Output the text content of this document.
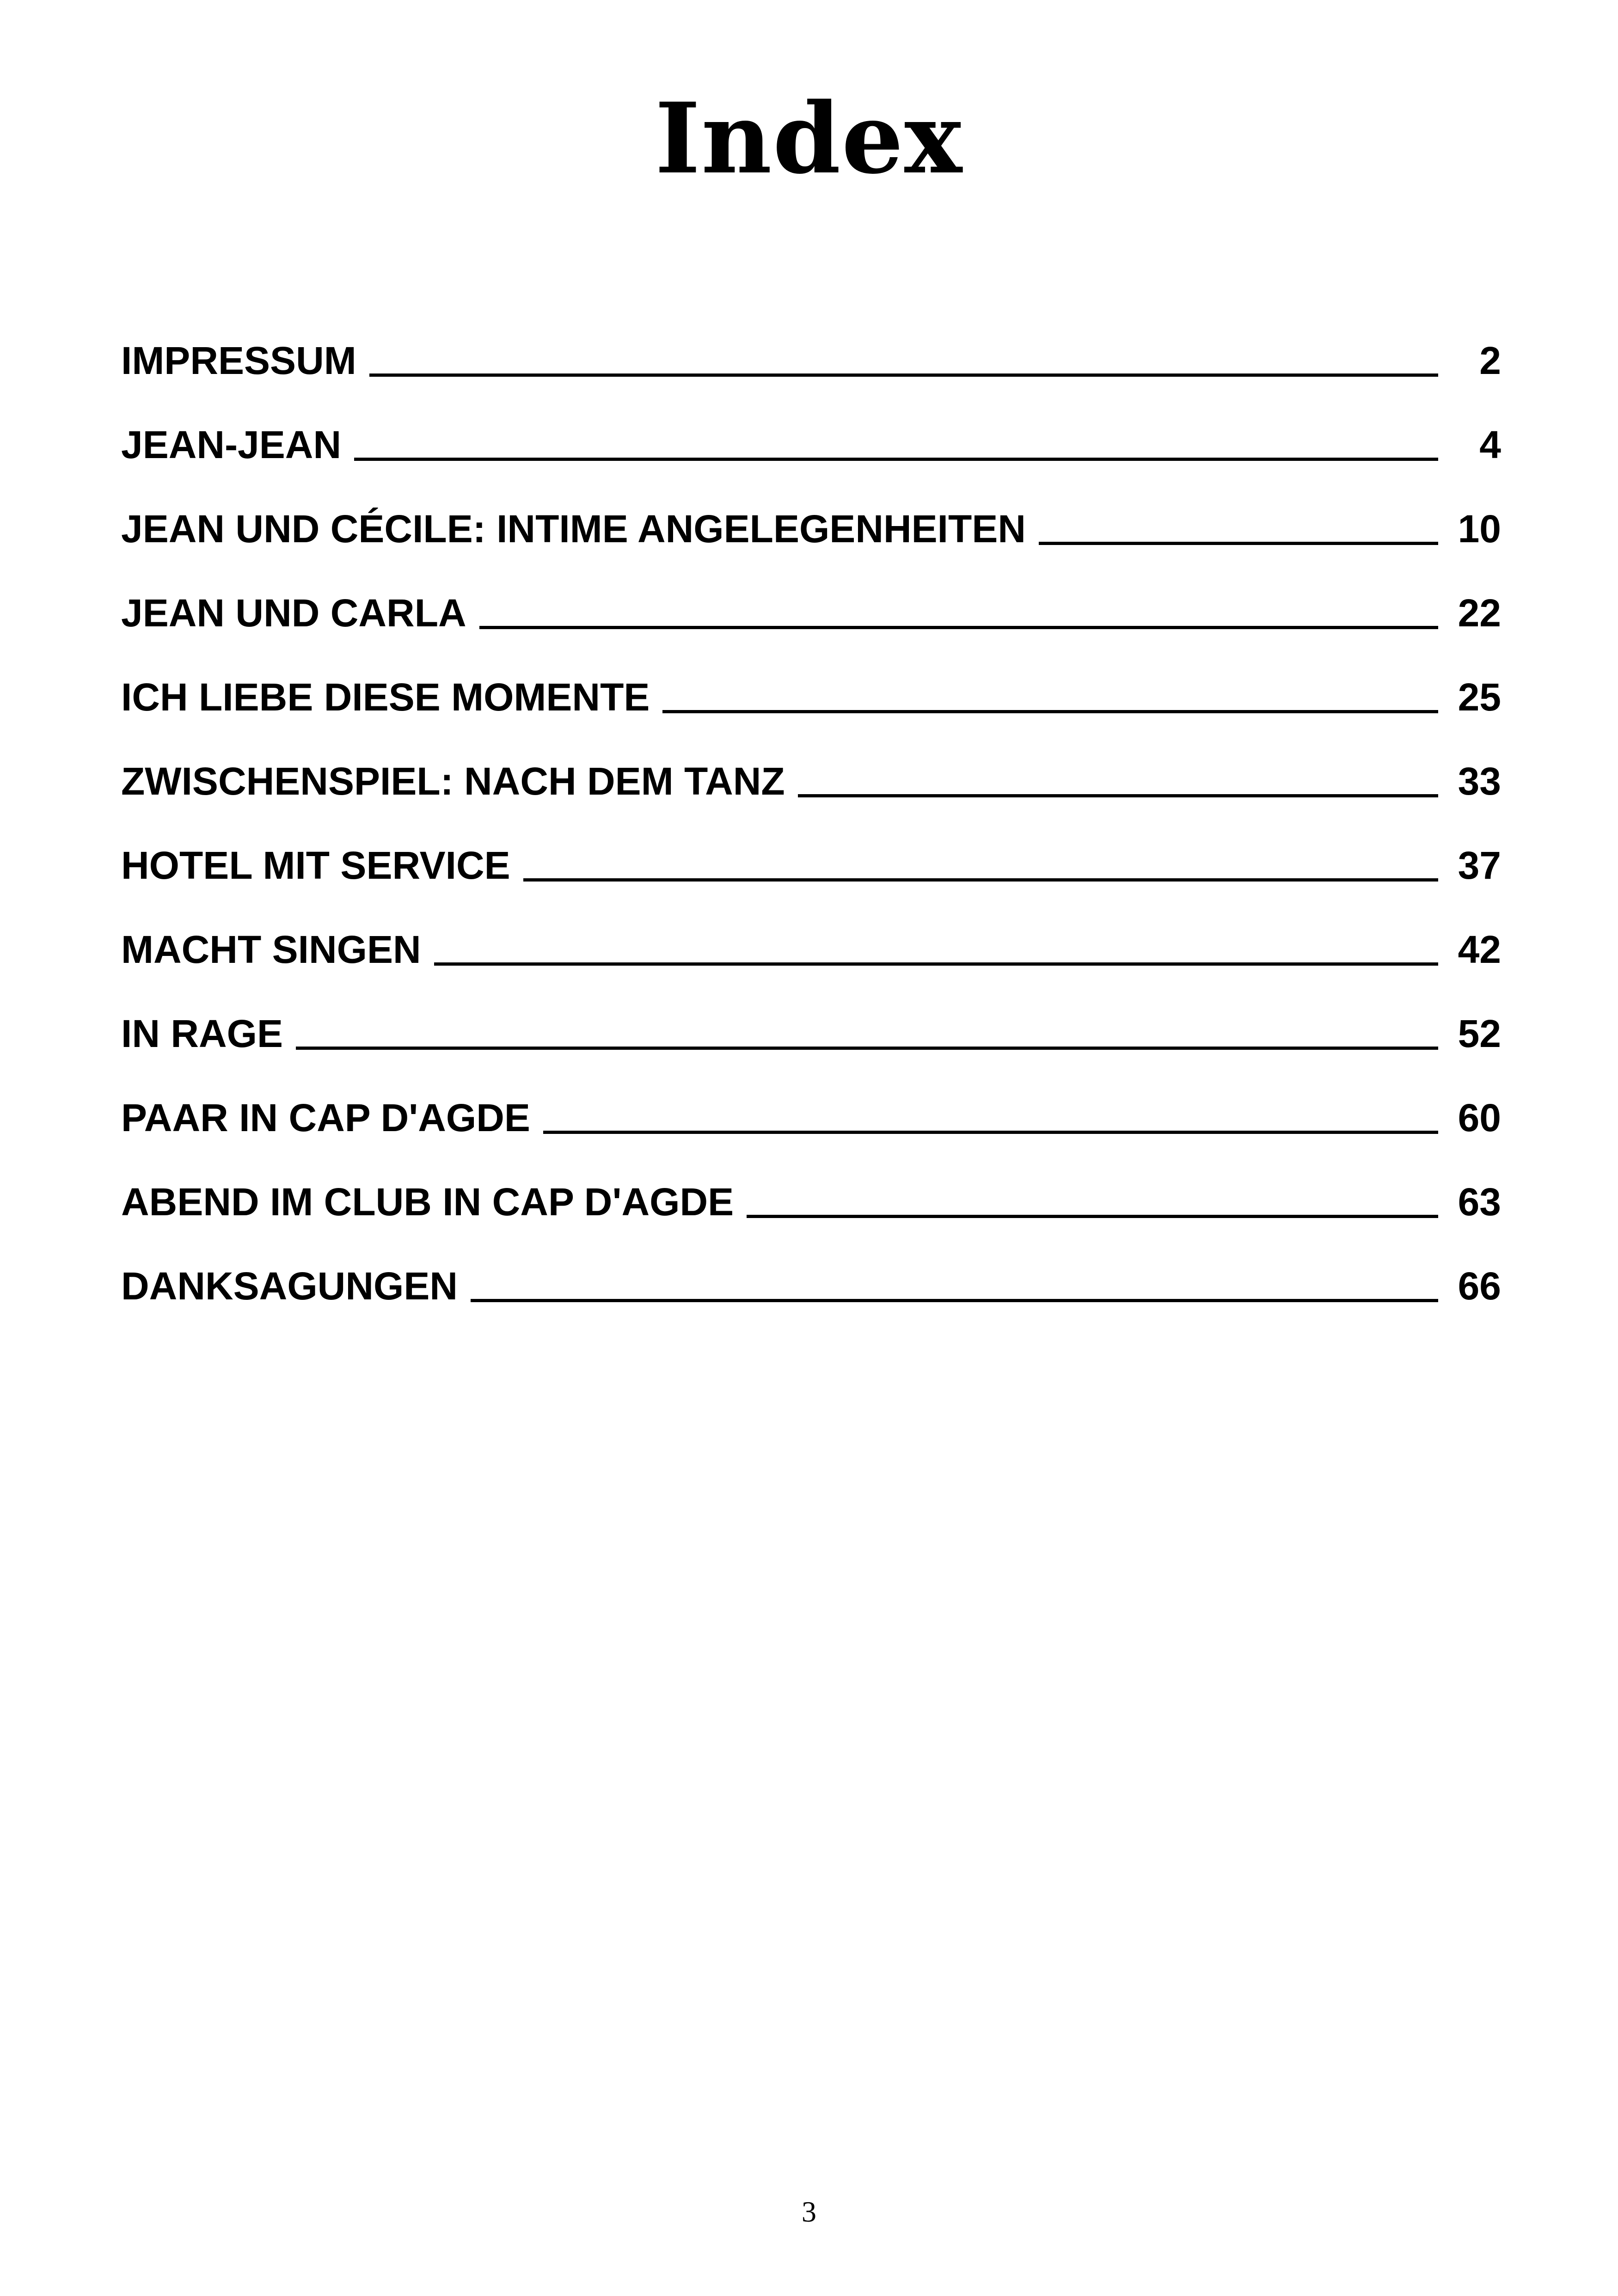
Index
IMPRESSUM	2
JEAN-JEAN	4
JEAN UND CÉCILE: INTIME ANGELEGENHEITEN	10
JEAN UND CARLA	22
ICH LIEBE DIESE MOMENTE	25
ZWISCHENSPIEL: NACH DEM TANZ	33
HOTEL MIT SERVICE	37
MACHT SINGEN	42
IN RAGE	52
PAAR IN CAP D'AGDE	60
ABEND IM CLUB IN CAP D'AGDE	63
DANKSAGUNGEN	66
3
